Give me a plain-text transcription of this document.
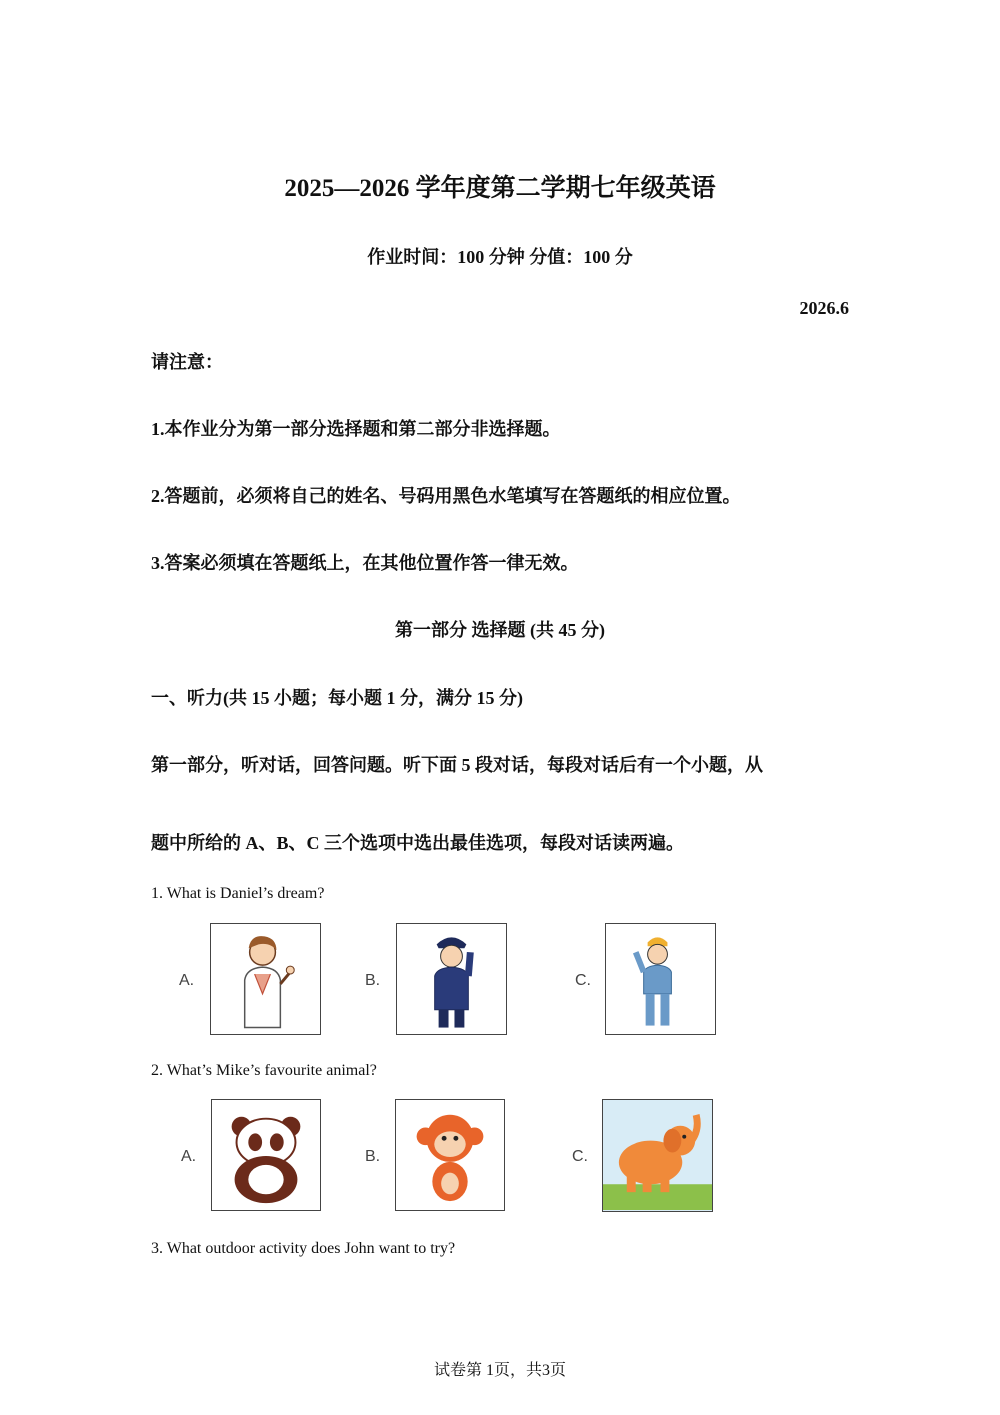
2025—2026 学年度第二学期七年级英语
作业时间：100 分钟 分值：100 分
2026.6
请注意：
1.本作业分为第一部分选择题和第二部分非选择题。
2.答题前，必须将自己的姓名、号码用黑色水笔填写在答题纸的相应位置。
3.答案必须填在答题纸上，在其他位置作答一律无效。
第一部分 选择题 (共 45 分)
一、听力(共 15 小题；每小题 1 分，满分 15 分)
第一部分，听对话，回答问题。听下面 5 段对话，每段对话后有一个小题，从
题中所给的 A、B、C 三个选项中选出最佳选项，每段对话读两遍。
1. What is Daniel’s dream?
A.	B.	C.
2. What’s Mike’s favourite animal?
A.	B.	C.
3. What outdoor activity does John want to try?
试卷第 1页，共3页
